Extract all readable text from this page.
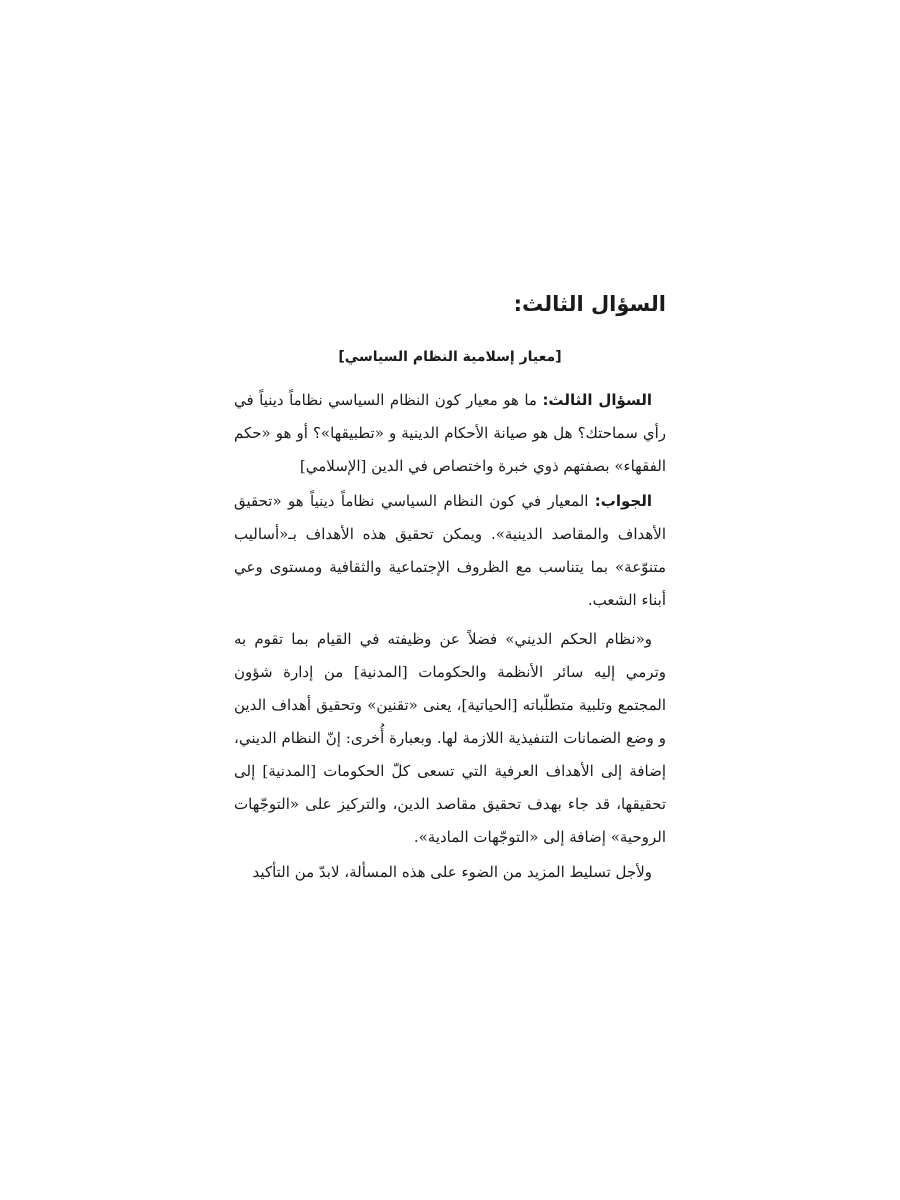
السؤال الثالث:
[معيار إسلامية النظام السياسي]

السؤال الثالث: ما هو معيار كون النظام السياسي نظاماً دينياً في رأي سماحتك؟ هل هو صيانة الأحكام الدينية و «تطبيقها»؟ أو هو «حكم الفقهاء» بصفتهم ذوي خبرة واختصاص في الدين [الإسلامي]

الجواب: المعيار في كون النظام السياسي نظاماً دينياً هو «تحقيق الأهداف والمقاصد الدينية». ويمكن تحقيق هذه الأهداف بـ«أساليب متنوّعة» بما يتناسب مع الظروف الإجتماعية والثقافية ومستوى وعي أبناء الشعب.

و«نظام الحكم الديني» فضلاً عن وظيفته في القيام بما تقوم به وترمي إليه سائر الأنظمة والحكومات [المدنية] من إدارة شؤون المجتمع وتلبية متطلّباته [الحياتية]، يعنى «تقنين» وتحقيق أهداف الدين و وضع الضمانات التنفيذية اللازمة لها. وبعبارة أُخرى: إنّ النظام الديني، إضافة إلى الأهداف العرفية التي تسعى كلّ الحكومات [المدنية] إلى تحقيقها، قد جاء بهدف تحقيق مقاصد الدين، والتركيز على «التوجّهات الروحية» إضافة إلى «التوجّهات المادية».

ولأجل تسليط المزيد من الضوء على هذه المسألة، لابدّ من التأكيد
